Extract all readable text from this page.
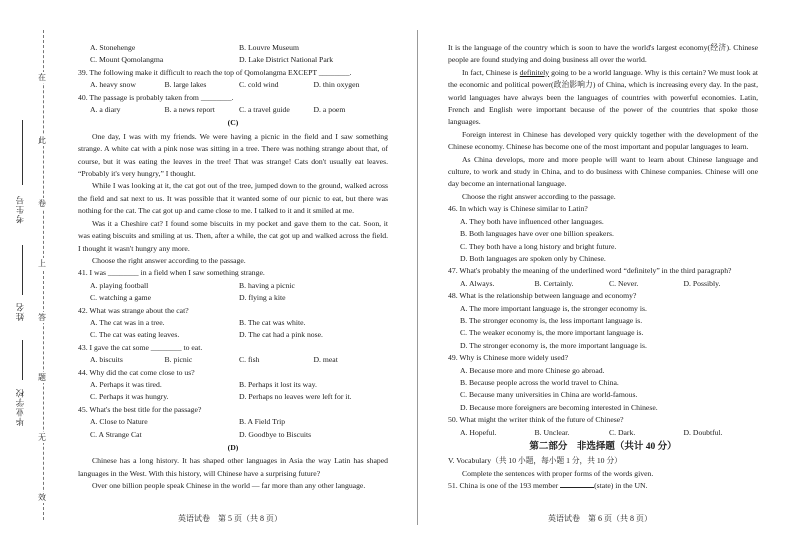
在
此
卷
上
答
题
无
效
考生号
姓名
毕业学校
A. Stonehenge	B. Louvre Museum
C. Mount Qomolangma	D. Lake District National Park
39. The following make it difficult to reach the top of Qomolangma EXCEPT ________.
A. heavy snow	B. large lakes	C. cold wind	D. thin oxygen
40. The passage is probably taken from ________.
A. a diary	B. a news report	C. a travel guide	D. a poem
(C)
One day, I was with my friends. We were having a picnic in the field and I saw something strange. A white cat with a pink nose was sitting in a tree. There was nothing strange about that, of course, but it was eating the leaves in the tree! That was strange! Cats don't usually eat leaves. “Probably it's very hungry,” I thought.
While I was looking at it, the cat got out of the tree, jumped down to the ground, walked across the field and sat next to us. It was possible that it wanted some of our picnic to eat, but there was nothing for the cat. The cat got up and came close to me. I talked to it and it smiled at me.
Was it a Cheshire cat? I found some biscuits in my pocket and gave them to the cat. Soon, it was eating biscuits and smiling at us. Then, after a while, the cat got up and walked across the field. I thought it wasn't hungry any more.
Choose the right answer according to the passage.
41. I was ________ in a field when I saw something strange.
A. playing football	B. having a picnic
C. watching a game	D. flying a kite
42. What was strange about the cat?
A. The cat was in a tree.	B. The cat was white.
C. The cat was eating leaves.	D. The cat had a pink nose.
43. I gave the cat some ________ to eat.
A. biscuits	B. picnic	C. fish	D. meat
44. Why did the cat come close to us?
A. Perhaps it was tired.	B. Perhaps it lost its way.
C. Perhaps it was hungry.	D. Perhaps no leaves were left for it.
45. What's the best title for the passage?
A. Close to Nature	B. A Field Trip
C. A Strange Cat	D. Goodbye to Biscuits
(D)
Chinese has a long history. It has shaped other languages in Asia the way Latin has shaped languages in the West. With this history, will Chinese have a surprising future?
Over one billion people speak Chinese in the world — far more than any other language.
英语试卷　第 5 页（共 8 页）
It is the language of the country which is soon to have the world's largest economy(经济). Chinese people are found studying and doing business all over the world.
In fact, Chinese is definitely going to be a world language. Why is this certain? We must look at the economic and political power(政治影响力) of China, which is increasing every day. In the past, world languages have always been the languages of countries with powerful economies. Latin, French and English were important because of the power of the countries that spoke those languages.
Foreign interest in Chinese has developed very quickly together with the development of the Chinese economy. Chinese has become one of the most important and popular languages to learn.
As China develops, more and more people will want to learn about Chinese language and culture, to work and study in China, and to do business with Chinese companies. Chinese will one day become an international language.
Choose the right answer according to the passage.
46. In which way is Chinese similar to Latin?
A. They both have influenced other languages.
B. Both languages have over one billion speakers.
C. They both have a long history and bright future.
D. Both languages are spoken only by Chinese.
47. What's probably the meaning of the underlined word “definitely” in the third paragraph?
A. Always.	B. Certainly.	C. Never.	D. Possibly.
48. What is the relationship between language and economy?
A. The more important language is, the stronger economy is.
B. The stronger economy is, the less important language is.
C. The weaker economy is, the more important language is.
D. The stronger economy is, the more important language is.
49. Why is Chinese more widely used?
A. Because more and more Chinese go abroad.
B. Because people across the world travel to China.
C. Because many universities in China are world-famous.
D. Because more foreigners are becoming interested in Chinese.
50. What might the writer think of the future of Chinese?
A. Hopeful.	B. Unclear.	C. Dark.	D. Doubtful.
第二部分　非选择题（共计 40 分）
V. Vocabulary（共 10 小题，每小题 1 分，共 10 分）
Complete the sentences with proper forms of the words given.
51. China is one of the 193 member	(state) in the UN.
英语试卷　第 6 页（共 8 页）
